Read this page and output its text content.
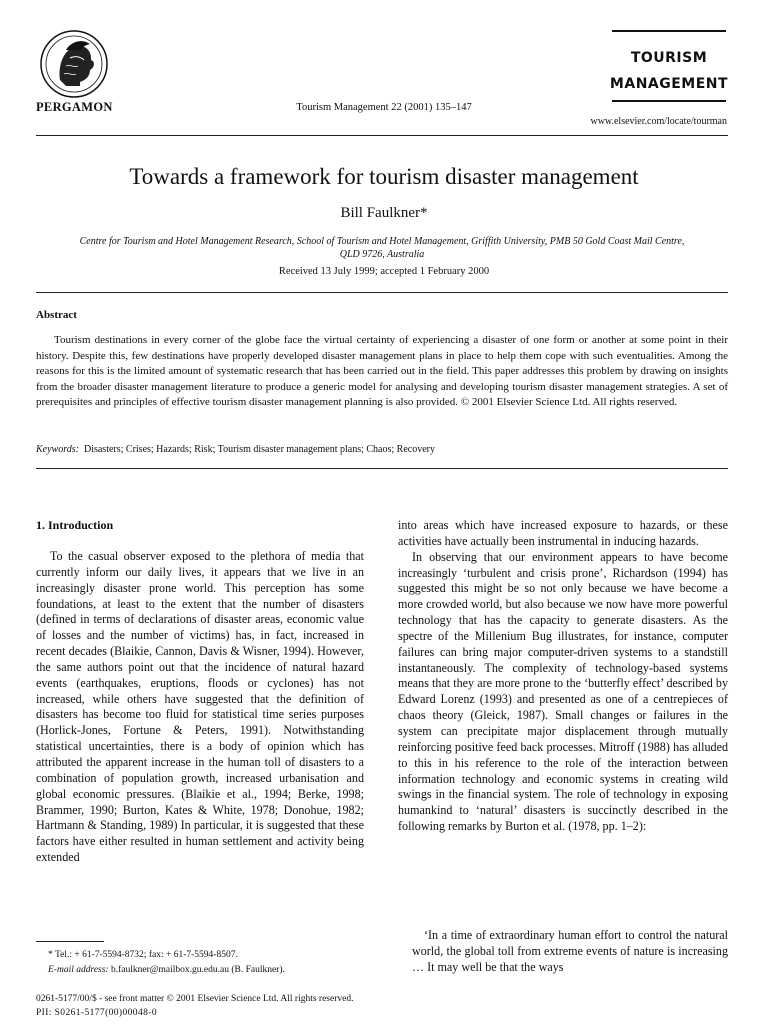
PERGAMON	Tourism Management 22 (2001) 135–147
TOURISM
MANAGEMENT
www.elsevier.com/locate/tourman
Towards a framework for tourism disaster management
Bill Faulkner*
Centre for Tourism and Hotel Management Research, School of Tourism and Hotel Management, Griffith University, PMB 50 Gold Coast Mail Centre,
QLD 9726, Australia
Received 13 July 1999; accepted 1 February 2000
Abstract

Tourism destinations in every corner of the globe face the virtual certainty of experiencing a disaster of one form or another at some point in their history. Despite this, few destinations have properly developed disaster management plans in place to help them cope with such eventualities. Among the reasons for this is the limited amount of systematic research that has been carried out in the field. This paper addresses this problem by drawing on insights from the broader disaster management literature to produce a generic model for analysing and developing tourism disaster management strategies. A set of prerequisites and principles of effective tourism disaster management planning is also provided. © 2001 Elsevier Science Ltd. All rights reserved.

Keywords: Disasters; Crises; Hazards; Risk; Tourism disaster management plans; Chaos; Recovery
1. Introduction

To the casual observer exposed to the plethora of media that currently inform our daily lives, it appears that we live in an increasingly disaster prone world. This perception has some foundations, at least to the extent that the number of disasters (defined in terms of declarations of disaster areas, economic value of losses and the number of victims) has, in fact, increased in recent decades (Blaikie, Cannon, Davis & Wisner, 1994). However, the same authors point out that the incidence of natural hazard events (earthquakes, eruptions, floods or cyclones) has not increased, while others have suggested that the definition of disasters has become too fluid for statistical time series purposes (Horlick-Jones, Fortune & Peters, 1991). Notwithstanding statistical uncertainties, there is a body of opinion which has attributed the apparent increase in the human toll of disasters to a combination of population growth, increased urbanisation and global economic pressures. (Blaikie et al., 1994; Berke, 1998; Brammer, 1990; Burton, Kates & White, 1978; Donohue, 1982; Hartmann & Standing, 1989) In particular, it is suggested that these factors have either resulted in human settlement and activity being extended

into areas which have increased exposure to hazards, or these activities have actually been instrumental in inducing hazards.

In observing that our environment appears to have become increasingly ‘turbulent and crisis prone’, Richardson (1994) has suggested this might be so not only because we have become a more crowded world, but also because we now have more powerful technology that has the capacity to generate disasters. As the spectre of the Millenium Bug illustrates, for instance, computer failures can bring major computer-driven systems to a standstill instantaneously. The complexity of technology-based systems means that they are more prone to the ‘butterfly effect’ described by Edward Lorenz (1993) and presented as one of a centrepieces of chaos theory (Gleick, 1987). Small changes or failures in the system can precipitate major displacement through mutually reinforcing positive feed back processes. Mitroff (1988) has alluded to this in his reference to the role of the interaction between information technology and economic systems in creating wild swings in the financial system. The role of technology in exposing humankind to ‘natural’ disasters is succinctly described in the following remarks by Burton et al. (1978, pp. 1–2):

‘In a time of extraordinary human effort to control the natural world, the global toll from extreme events of nature is increasing … It may well be that the ways

* Tel.: + 61-7-5594-8732; fax: + 61-7-5594-8507.
E-mail address: b.faulkner@mailbox.gu.edu.au (B. Faulkner).
0261-5177/00/$ - see front matter © 2001 Elsevier Science Ltd. All rights reserved.
PII: S0261-5177(00)00048-0
